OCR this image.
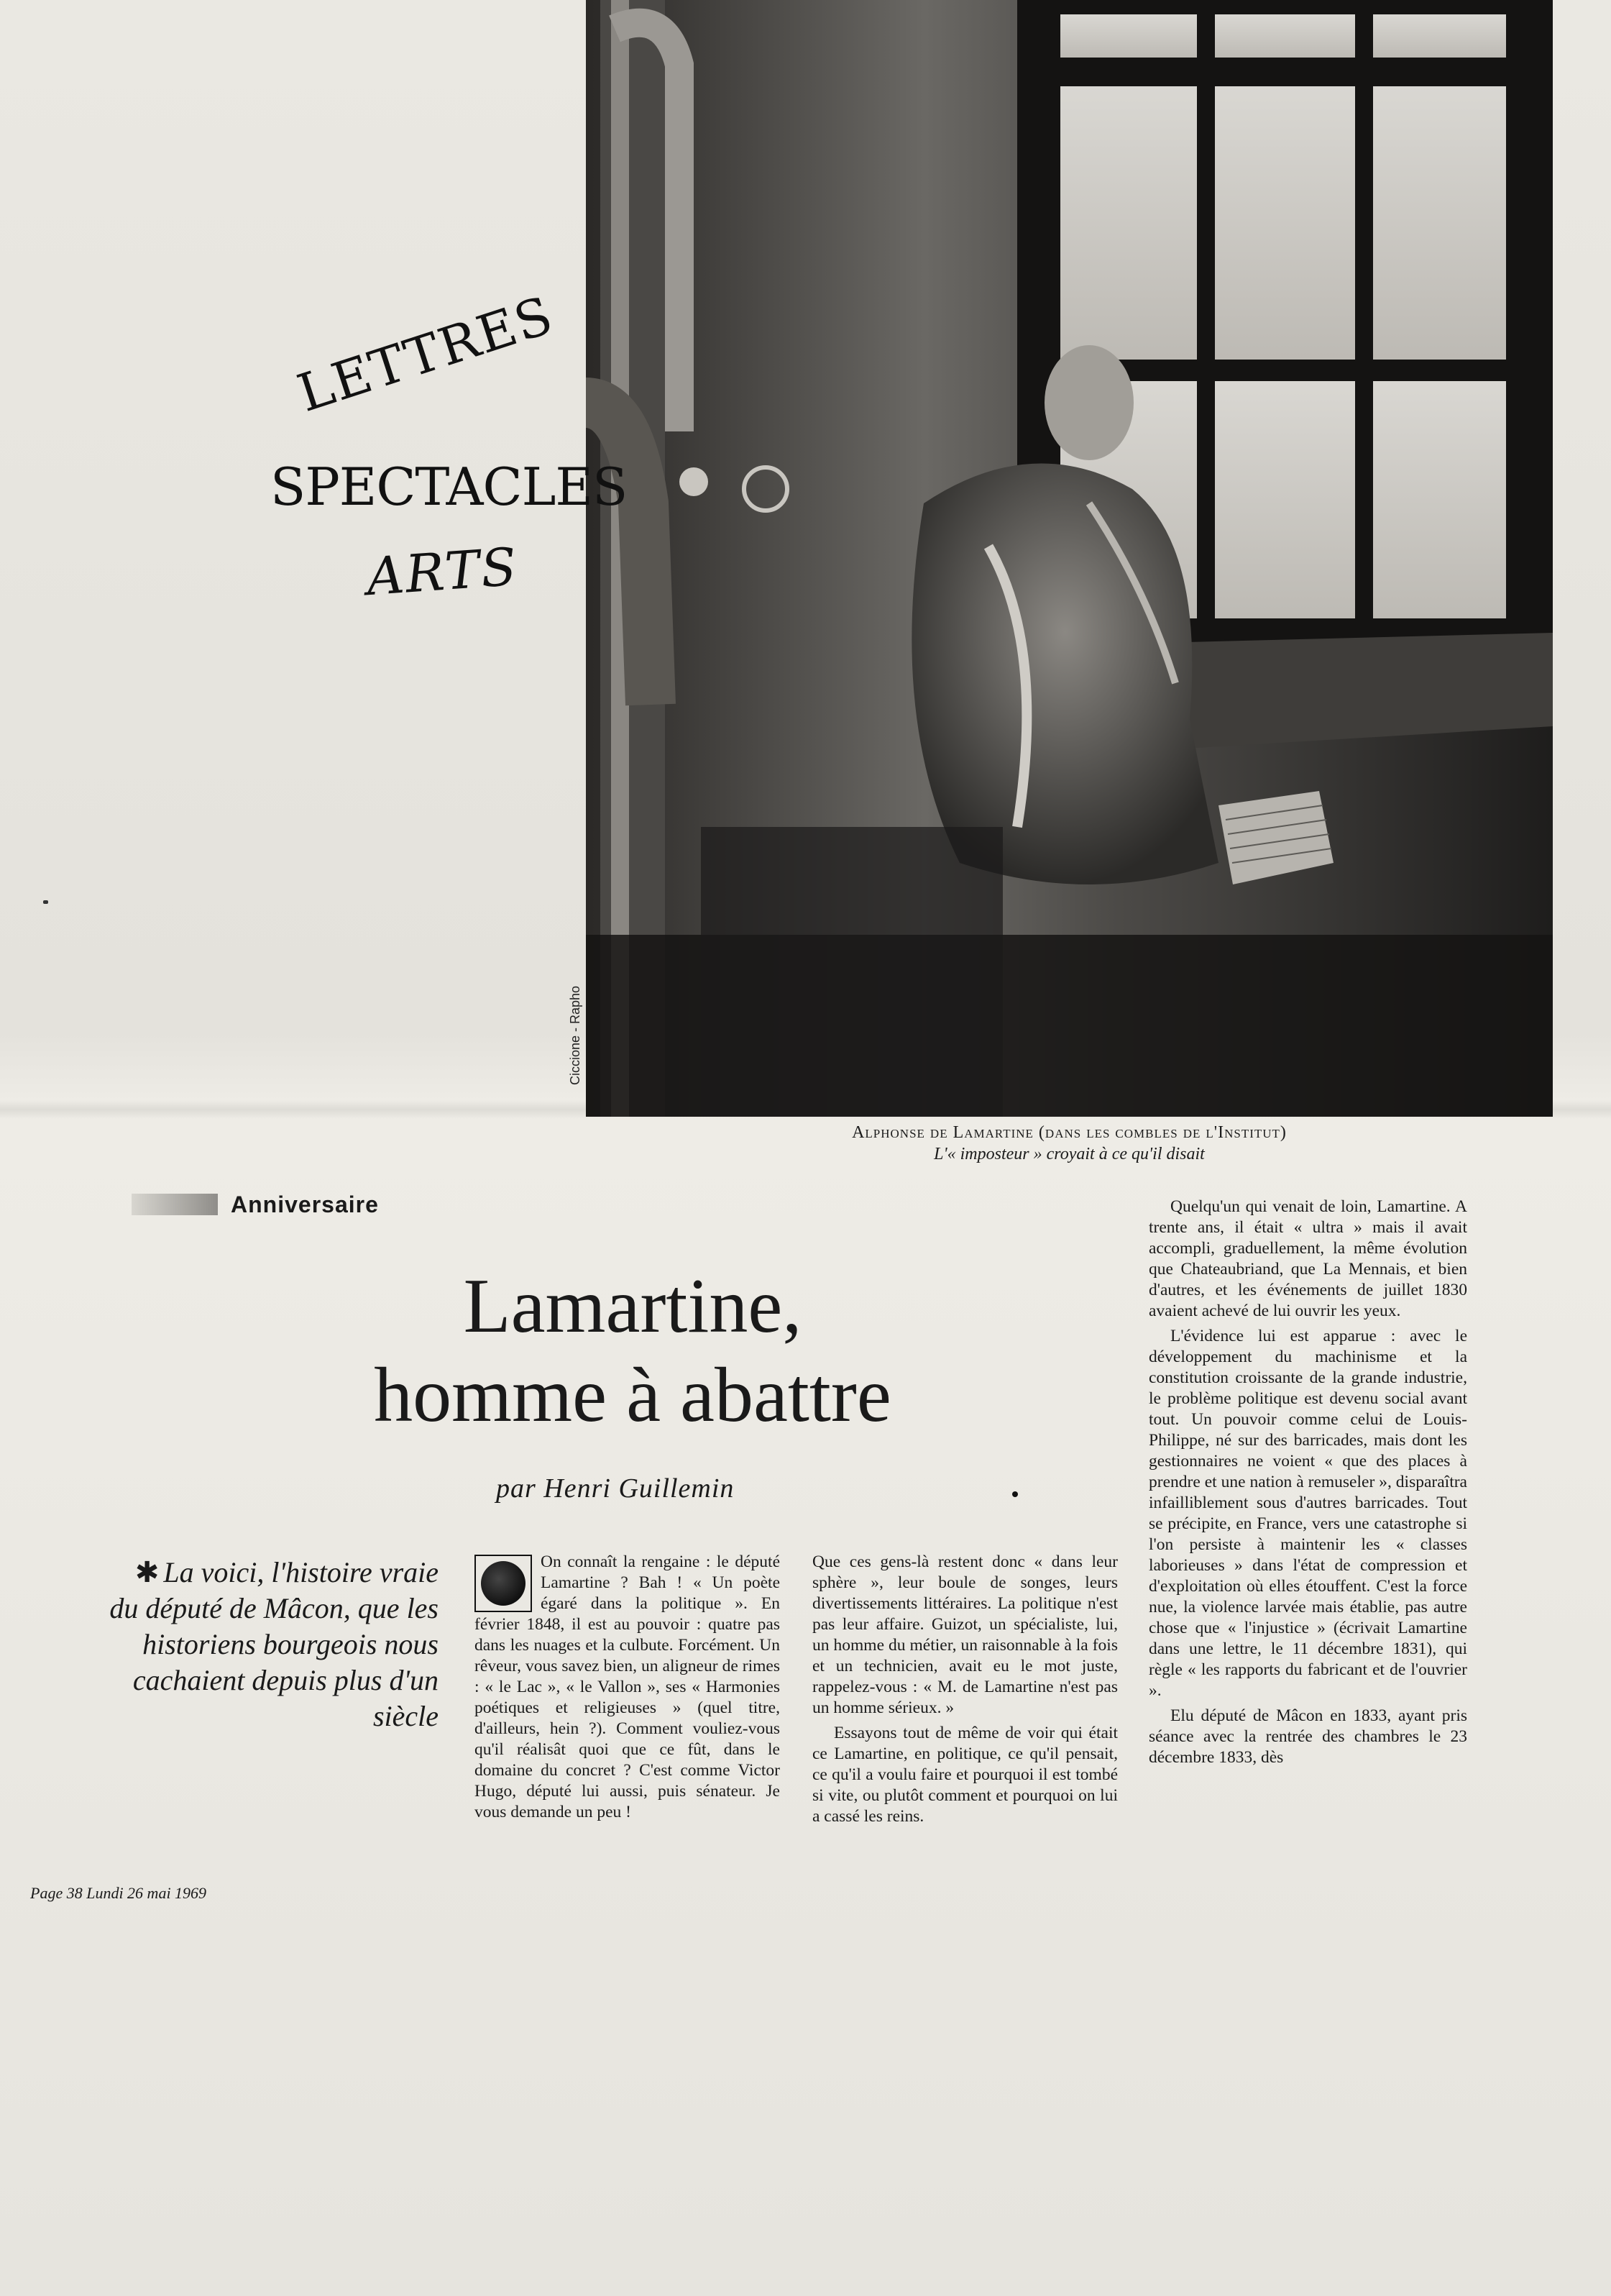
Ciccione - Rapho
Alphonse de Lamartine (dans les combles de l'Institut)
L'« imposteur » croyait à ce qu'il disait
LETTRES
SPECTACLES
ARTS
Anniversaire
Lamartine,
homme à abattre
par Henri Guillemin
✱ La voici, l'histoire vraie du député de Mâcon, que les historiens bourgeois nous cachaient depuis plus d'un siècle

On connaît la rengaine : le député Lamartine ? Bah ! « Un poète égaré dans la politique ». En février 1848, il est au pouvoir : quatre pas dans les nuages et la culbute. Forcément. Un rêveur, vous savez bien, un aligneur de rimes : « le Lac », « le Vallon », ses « Harmonies poétiques et religieuses » (quel titre, d'ailleurs, hein ?). Comment vouliez-vous qu'il réalisât quoi que ce fût, dans le domaine du concret ? C'est comme Victor Hugo, député lui aussi, puis sénateur. Je vous demande un peu !

Que ces gens-là restent donc « dans leur sphère », leur boule de songes, leurs divertissements littéraires. La politique n'est pas leur affaire. Guizot, un spécialiste, lui, un homme du métier, un raisonnable à la fois et un technicien, avait eu le mot juste, rappelez-vous : « M. de Lamartine n'est pas un homme sérieux. »

Essayons tout de même de voir qui était ce Lamartine, en politique, ce qu'il pensait, ce qu'il a voulu faire et pourquoi il est tombé si vite, ou plutôt comment et pourquoi on lui a cassé les reins.

Quelqu'un qui venait de loin, Lamartine. A trente ans, il était « ultra » mais il avait accompli, graduellement, la même évolution que Chateaubriand, que La Mennais, et bien d'autres, et les événements de juillet 1830 avaient achevé de lui ouvrir les yeux.

L'évidence lui est apparue : avec le développement du machinisme et la constitution croissante de la grande industrie, le problème politique est devenu social avant tout. Un pouvoir comme celui de Louis-Philippe, né sur des barricades, mais dont les gestionnaires ne voient « que des places à prendre et une nation à remuseler », disparaîtra infailliblement sous d'autres barricades. Tout se précipite, en France, vers une catastrophe si l'on persiste à maintenir les « classes laborieuses » dans l'état de compression et d'exploitation où elles étouffent. C'est la force nue, la violence larvée mais établie, pas autre chose que « l'injustice » (écrivait Lamartine dans une lettre, le 11 décembre 1831), qui règle « les rapports du fabricant et de l'ouvrier ».

Elu député de Mâcon en 1833, ayant pris séance avec la rentrée des chambres le 23 décembre 1833, dès

Page 38 Lundi 26 mai 1969
